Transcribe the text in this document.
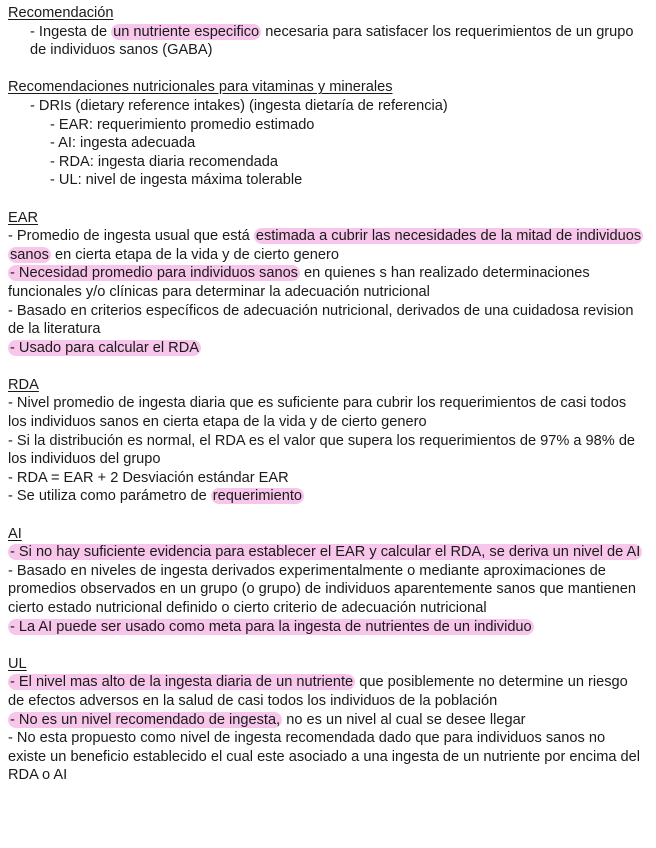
Recomendación

- Ingesta de un nutriente especifico necesaria para satisfacer los requerimientos de un grupo de individuos sanos (GABA)

Recomendaciones nutricionales para vitaminas y minerales

- DRIs (dietary reference intakes) (ingesta dietaría de referencia)

- EAR: requerimiento promedio estimado

- AI: ingesta adecuada

- RDA: ingesta diaria recomendada

- UL: nivel de ingesta máxima tolerable

EAR

- Promedio de ingesta usual que está estimada a cubrir las necesidades de la mitad de individuos sanos en cierta etapa de la vida y de cierto genero

- Necesidad promedio para individuos sanos en quienes s han realizado determinaciones funcionales y/o clínicas para determinar la adecuación nutricional

- Basado en criterios específicos de adecuación nutricional, derivados de una cuidadosa revision de la literatura

- Usado para calcular el RDA

RDA

- Nivel promedio de ingesta diaria que es suficiente para cubrir los requerimientos de casi todos los individuos sanos en cierta etapa de la vida y de cierto genero

- Si la distribución es normal, el RDA es el valor que supera los requerimientos de 97% a 98% de los individuos del grupo

- RDA = EAR + 2 Desviación estándar EAR

- Se utiliza como parámetro de requerimiento

AI

- Si no hay suficiente evidencia para establecer el EAR y calcular el RDA, se deriva un nivel de AI

- Basado en niveles de ingesta derivados experimentalmente o mediante aproximaciones de promedios observados en un grupo (o grupo) de individuos aparentemente sanos que mantienen cierto estado nutricional definido o cierto criterio de adecuación nutricional

- La AI puede ser usado como meta para la ingesta de nutrientes de un individuo

UL

- El nivel mas alto de la ingesta diaria de un nutriente que posiblemente no determine un riesgo de efectos adversos en la salud de casi todos los individuos de la población

- No es un nivel recomendado de ingesta, no es un nivel al cual se desee llegar

- No esta propuesto como nivel de ingesta recomendada dado que para individuos sanos no existe un beneficio establecido el cual este asociado a una ingesta de un nutriente por encima del RDA o AI
